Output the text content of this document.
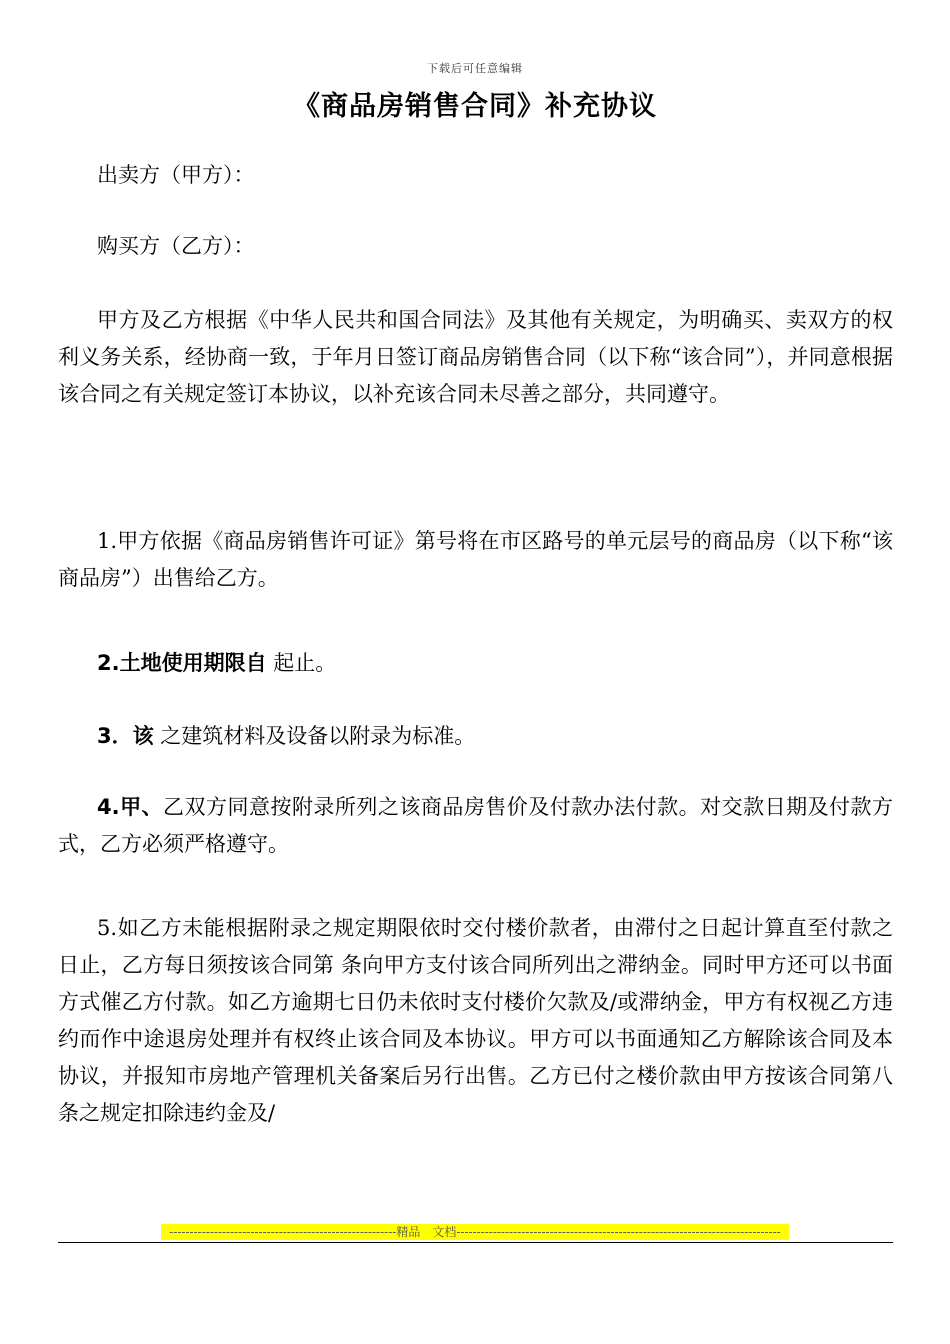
下载后可任意编辑
《商品房销售合同》补充协议

出卖方（甲方）：

购买方（乙方）：

甲方及乙方根据《中华人民共和国合同法》及其他有关规定，为明确买、卖双方的权利义务关系，经协商一致，于年月日签订商品房销售合同（以下称“该合同”），并同意根据该合同之有关规定签订本协议，以补充该合同未尽善之部分，共同遵守。

1.甲方依据《商品房销售许可证》第号将在市区路号的单元层号的商品房（以下称“该商品房”）出售给乙方。

2.土地使用期限自 起止。

3．该 之建筑材料及设备以附录为标准。

4.甲、乙双方同意按附录所列之该商品房售价及付款办法付款。对交款日期及付款方式，乙方必须严格遵守。

5.如乙方未能根据附录之规定期限依时交付楼价款者，由滞付之日起计算直至付款之日止，乙方每日须按该合同第 条向甲方支付该合同所列出之滞纳金。同时甲方还可以书面方式催乙方付款。如乙方逾期七日仍未依时支付楼价欠款及/或滞纳金，甲方有权视乙方违约而作中途退房处理并有权终止该合同及本协议。甲方可以书面通知乙方解除该合同及本协议，并报知市房地产管理机关备案后另行出售。乙方已付之楼价款由甲方按该合同第八条之规定扣除违约金及/

--------------------------------------------------------精品　文档--------------------------------------------------------------------------------
